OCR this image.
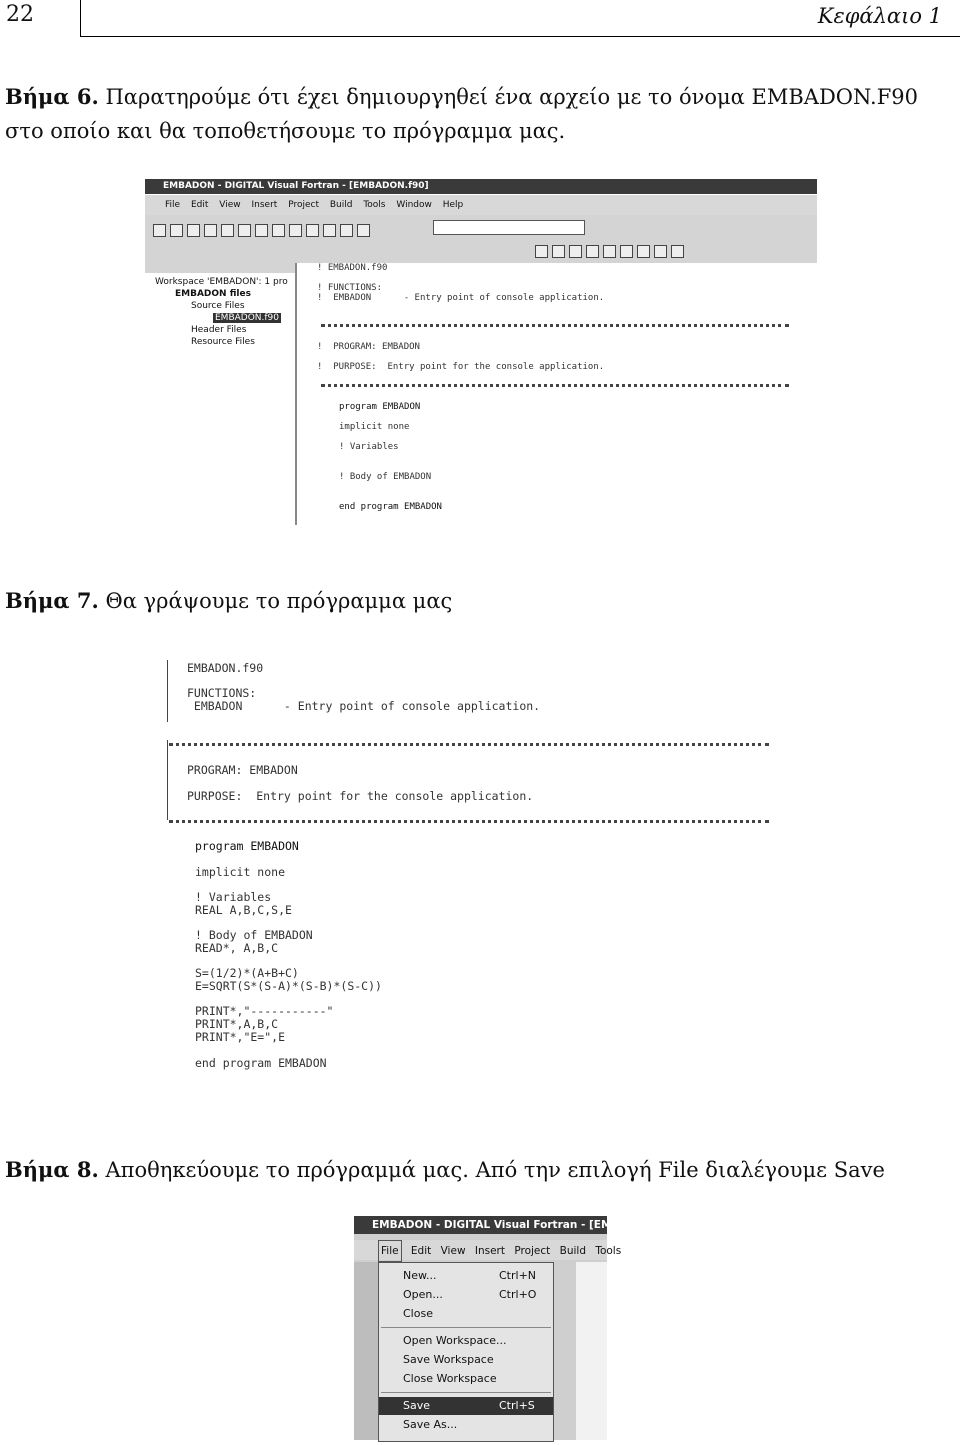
22	Κεφάλαιο 1
Βήμα 6. Παρατηρούμε ότι έχει δημιουργηθεί ένα αρχείο με το όνομα EMBADON.F90
στο οποίο και θα τοποθετήσουμε το πρόγραμμα μας.
EMBADON - DIGITAL Visual Fortran - [EMBADON.f90]
File Edit View Insert Project Build Tools Window Help
Workspace 'EMBADON': 1 pro
EMBADON files
Source Files
EMBADON.f90
Header Files
Resource Files

! EMBADON.f90

! FUNCTIONS:

!  EMBADON      - Entry point of console application.

!  PROGRAM: EMBADON

!  PURPOSE:  Entry point for the console application.

program EMBADON

implicit none

! Variables

! Body of EMBADON

end program EMBADON

Βήμα 7. Θα γράψουμε το πρόγραμμα μας

EMBADON.f90

FUNCTIONS:

EMBADON      - Entry point of console application.

PROGRAM: EMBADON

PURPOSE:  Entry point for the console application.

program EMBADON

implicit none

! Variables

REAL A,B,C,S,E

! Body of EMBADON

READ*, A,B,C

S=(1/2)*(A+B+C)

E=SQRT(S*(S-A)*(S-B)*(S-C))

PRINT*,"-----------"

PRINT*,A,B,C

PRINT*,"E=",E

end program EMBADON

Βήμα 8. Αποθηκεύουμε το πρόγραμμά μας. Από την επιλογή File διαλέγουμε Save
EMBADON - DIGITAL Visual Fortran - [EMB
File Edit View Insert Project Build Tools
New...	Ctrl+N
Open...	Ctrl+O
Close
Open Workspace...
Save Workspace
Close Workspace
Save	Ctrl+S
Save As...
